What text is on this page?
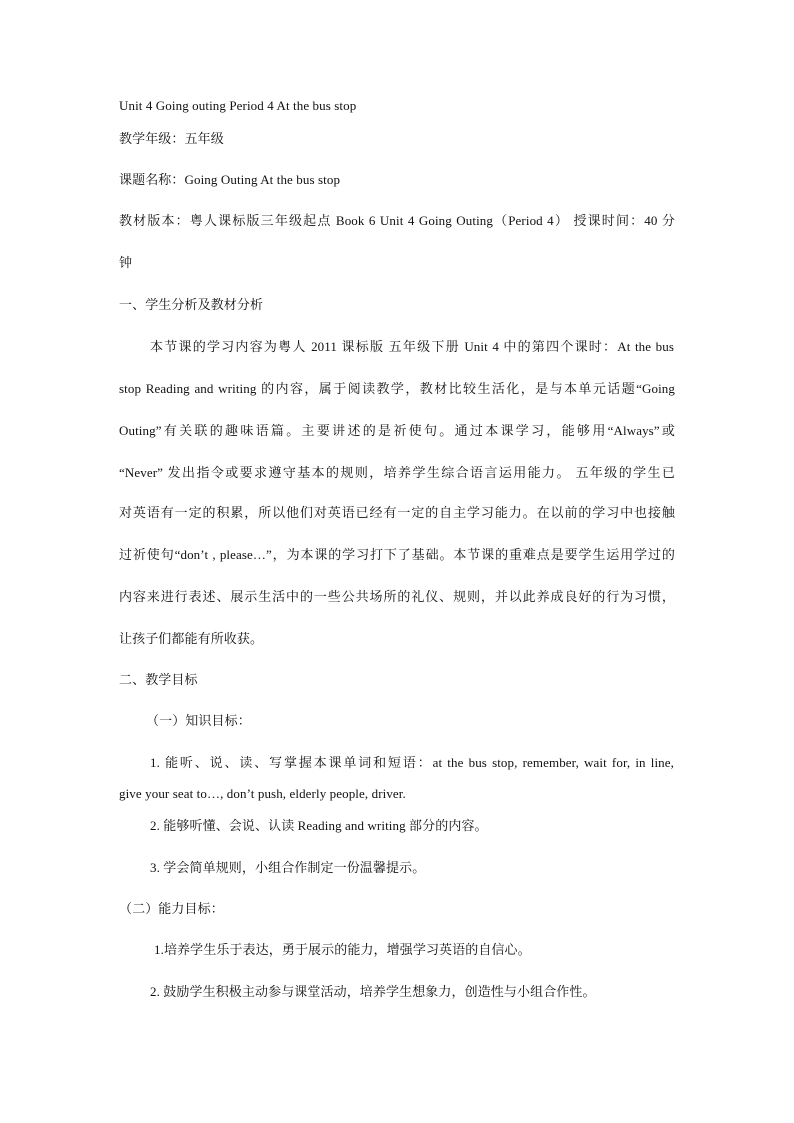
Unit 4 Going outing Period 4 At the bus stop
教学年级：五年级
课题名称：Going Outing At the bus stop
教材版本：粤人课标版三年级起点 Book 6 Unit 4 Going Outing（Period 4） 授课时间：40 分
钟
一、学生分析及教材分析
本节课的学习内容为粤人 2011 课标版 五年级下册 Unit 4 中的第四个课时：At the bus
stop Reading and writing 的内容，属于阅读教学，教材比较生活化，是与本单元话题“Going
Outing”有关联的趣味语篇。主要讲述的是祈使句。通过本课学习，能够用“Always”或
“Never” 发出指令或要求遵守基本的规则，培养学生综合语言运用能力。 五年级的学生已
对英语有一定的积累，所以他们对英语已经有一定的自主学习能力。在以前的学习中也接触
过祈使句“don’t , please…”，为本课的学习打下了基础。本节课的重难点是要学生运用学过的
内容来进行表述、展示生活中的一些公共场所的礼仪、规则，并以此养成良好的行为习惯，
让孩子们都能有所收获。
二、教学目标
（一）知识目标：
1. 能听、说、读、写掌握本课单词和短语：at the bus stop, remember, wait for, in line,
give your seat to…, don’t push, elderly people, driver.
2. 能够听懂、会说、认读 Reading and writing 部分的内容。
3. 学会简单规则，小组合作制定一份温馨提示。
（二）能力目标：
1.培养学生乐于表达，勇于展示的能力，增强学习英语的自信心。
2. 鼓励学生积极主动参与课堂活动，培养学生想象力，创造性与小组合作性。
